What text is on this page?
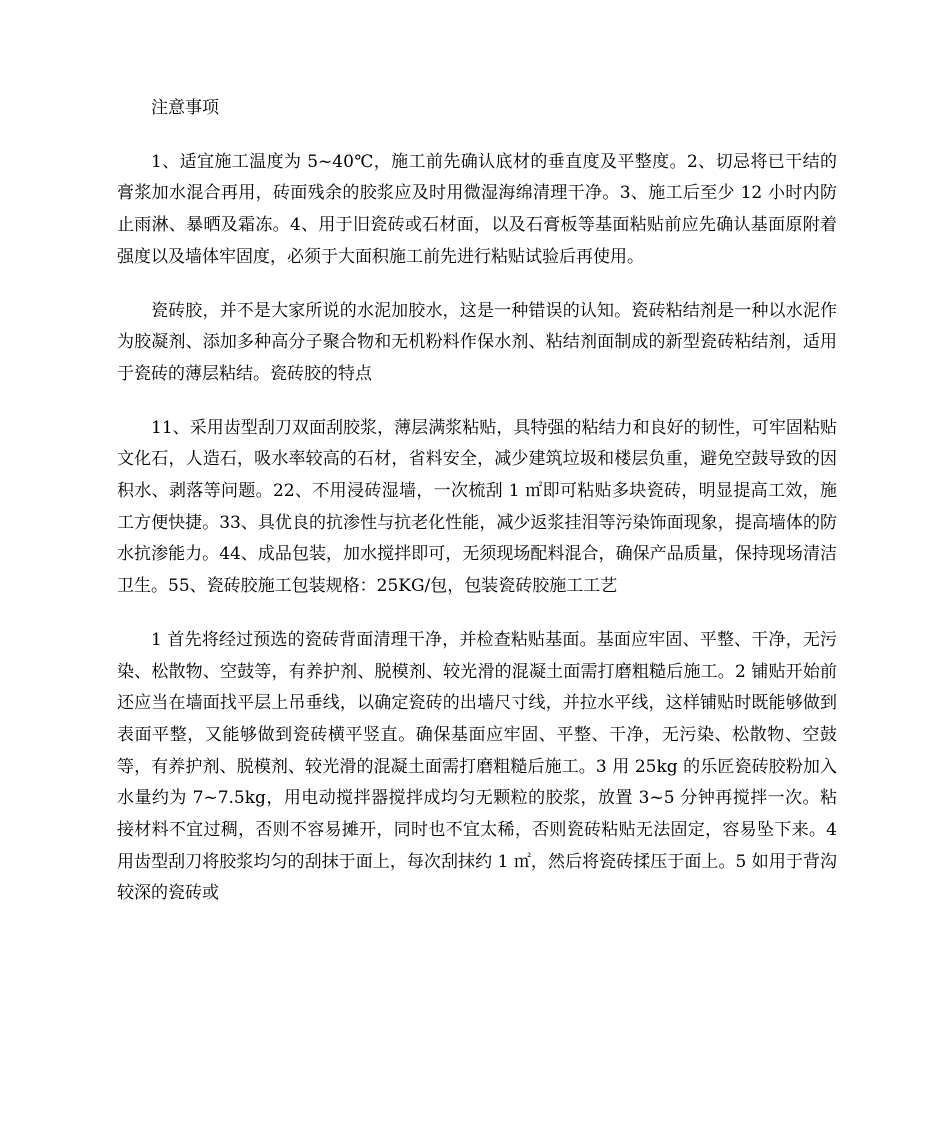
注意事项

1、适宜施工温度为 5~40℃，施工前先确认底材的垂直度及平整度。2、切忌将已干结的膏浆加水混合再用，砖面残余的胶浆应及时用微湿海绵清理干净。3、施工后至少 12 小时内防止雨淋、暴晒及霜冻。4、用于旧瓷砖或石材面，以及石膏板等基面粘贴前应先确认基面原附着强度以及墙体牢固度，必须于大面积施工前先进行粘贴试验后再使用。

瓷砖胶，并不是大家所说的水泥加胶水，这是一种错误的认知。瓷砖粘结剂是一种以水泥作为胶凝剂、添加多种高分子聚合物和无机粉料作保水剂、粘结剂面制成的新型瓷砖粘结剂，适用于瓷砖的薄层粘结。瓷砖胶的特点

11、采用齿型刮刀双面刮胶浆，薄层满浆粘贴，具特强的粘结力和良好的韧性，可牢固粘贴文化石，人造石，吸水率较高的石材，省料安全，减少建筑垃圾和楼层负重，避免空鼓导致的因积水、剥落等问题。22、不用浸砖湿墙，一次梳刮 1 ㎡即可粘贴多块瓷砖，明显提高工效，施工方便快捷。33、具优良的抗渗性与抗老化性能，减少返浆挂泪等污染饰面现象，提高墙体的防水抗渗能力。44、成品包装，加水搅拌即可，无须现场配料混合，确保产品质量，保持现场清洁卫生。55、瓷砖胶施工包装规格：25KG/包，包装瓷砖胶施工工艺

1 首先将经过预选的瓷砖背面清理干净，并检查粘贴基面。基面应牢固、平整、干净，无污染、松散物、空鼓等，有养护剂、脱模剂、较光滑的混凝土面需打磨粗糙后施工。2 铺贴开始前还应当在墙面找平层上吊垂线，以确定瓷砖的出墙尺寸线，并拉水平线，这样铺贴时既能够做到表面平整，又能够做到瓷砖横平竖直。确保基面应牢固、平整、干净，无污染、松散物、空鼓等，有养护剂、脱模剂、较光滑的混凝土面需打磨粗糙后施工。3 用 25kg 的乐匠瓷砖胶粉加入水量约为 7~7.5kg，用电动搅拌器搅拌成均匀无颗粒的胶浆，放置 3~5 分钟再搅拌一次。粘接材料不宜过稠，否则不容易摊开，同时也不宜太稀，否则瓷砖粘贴无法固定，容易坠下来。4 用齿型刮刀将胶浆均匀的刮抹于面上，每次刮抹约 1 ㎡，然后将瓷砖揉压于面上。5 如用于背沟较深的瓷砖或
